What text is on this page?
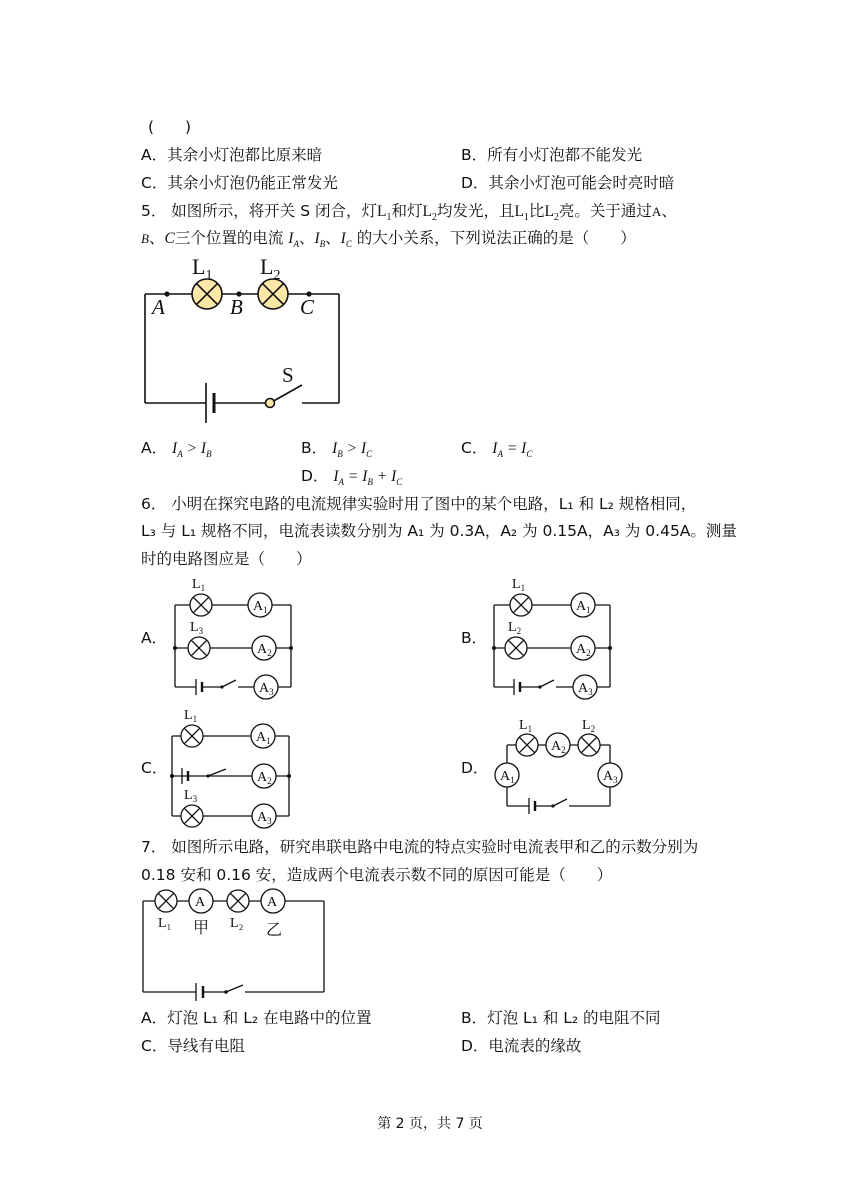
(　　)
A．其余小灯泡都比原来暗	B．所有小灯泡都不能发光
C．其余小灯泡仍能正常发光	D．其余小灯泡可能会时亮时暗
5． 如图所示，将开关 S 闭合，灯$L_1$和灯$L_2$均发光，且$L_1$比$L_2$亮。关于通过A、
B、C三个位置的电流 $I_A$、$I_B$、$I_C$ 的大小关系，下列说法正确的是（　　）
$L_1$ $L_2$
A	B	C
S
A． $I_A > I_B$	B． $I_B > I_C$	C． $I_A = I_C$
D． $I_A = I_B + I_C$
6． 小明在探究电路的电流规律实验时用了图中的某个电路，L₁ 和 L₂ 规格相同，
L₃ 与 L₁ 规格不同，电流表读数分别为 A₁ 为 0.3A，A₂ 为 0.15A，A₃ 为 0.45A。测量
时的电路图应是（　　）
A．	B．
C．	D．
$L_1$
$L_3$
$L_1$
$L_2$
$L_1$
$L_3$
$L_1$	$L_2$
$A_1$
$A_2$
$A_3$
$A_1$
$A_2$
$A_3$
$A_1$
$A_2$
$A_3$
$A_2$
$A_1$	$A_3$
7． 如图所示电路，研究串联电路中电流的特点实验时电流表甲和乙的示数分别为
0.18 安和 0.16 安，造成两个电流表示数不同的原因可能是（　　）
A	A
L₁ 甲 L₂ 乙
A．灯泡 L₁ 和 L₂ 在电路中的位置	B．灯泡 L₁ 和 L₂ 的电阻不同
C．导线有电阻	D．电流表的缘故
第 2 页，共 7 页
